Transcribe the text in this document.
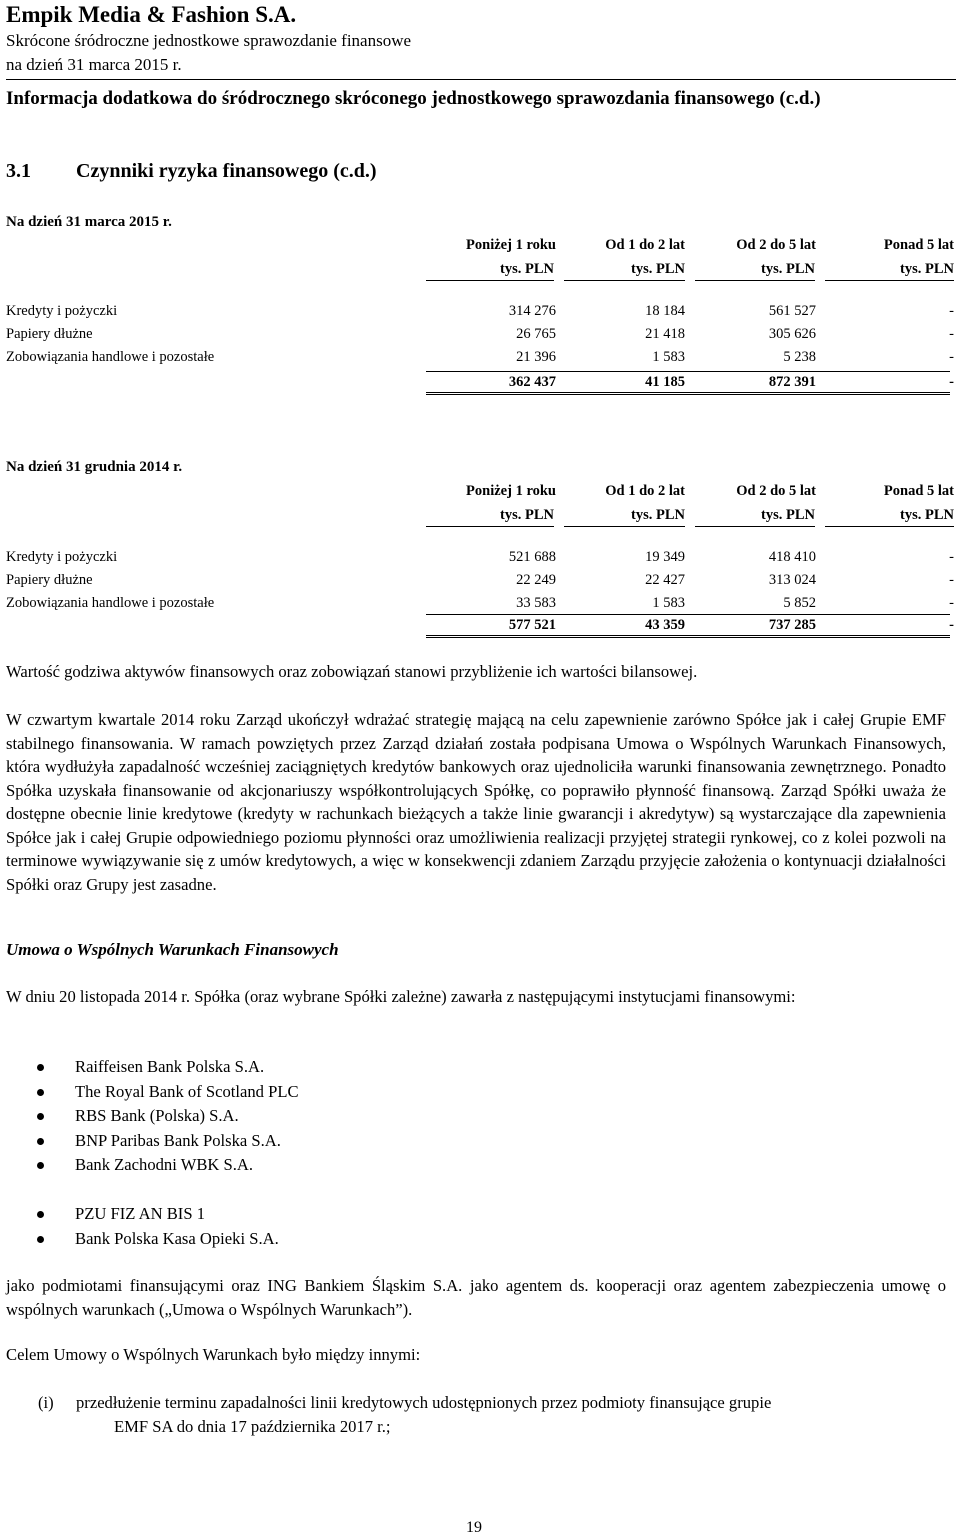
Empik Media & Fashion S.A.
Skrócone śródroczne jednostkowe sprawozdanie finansowe
na dzień 31 marca 2015 r.
Informacja dodatkowa do śródrocznego skróconego jednostkowego sprawozdania finansowego (c.d.)
3.1 Czynniki ryzyka finansowego (c.d.)
Na dzień 31 marca 2015 r.
Poniżej 1 roku	Od 1 do 2 lat	Od 2 do 5 lat	Ponad 5 lat
tys. PLN	tys. PLN	tys. PLN	tys. PLN
Kredyty i pożyczki	314 276	18 184	561 527	-
Papiery dłużne	26 765	21 418	305 626	-
Zobowiązania handlowe i pozostałe	21 396	1 583	5 238	-
362 437	41 185	872 391	-
Na dzień 31 grudnia 2014 r.
Poniżej 1 roku	Od 1 do 2 lat	Od 2 do 5 lat	Ponad 5 lat
tys. PLN	tys. PLN	tys. PLN	tys. PLN
Kredyty i pożyczki	521 688	19 349	418 410	-
Papiery dłużne	22 249	22 427	313 024	-
Zobowiązania handlowe i pozostałe	33 583	1 583	5 852	-
577 521	43 359	737 285	-
Wartość godziwa aktywów finansowych oraz zobowiązań stanowi przybliżenie ich wartości bilansowej.
W czwartym kwartale 2014 roku Zarząd ukończył wdrażać strategię mającą na celu zapewnienie zarówno Spółce jak i całej Grupie EMF stabilnego finansowania. W ramach powziętych przez Zarząd działań została podpisana Umowa o Wspólnych Warunkach Finansowych, która wydłużyła zapadalność wcześniej zaciągniętych kredytów bankowych oraz ujednoliciła warunki finansowania zewnętrznego. Ponadto Spółka uzyskała finansowanie od akcjonariuszy współkontrolujących Spółkę, co poprawiło płynność finansową. Zarząd Spółki uważa że dostępne obecnie linie kredytowe (kredyty w rachunkach bieżących a także linie gwarancji i akredytyw) są wystarczające dla zapewnienia Spółce jak i całej Grupie odpowiedniego poziomu płynności oraz umożliwienia realizacji przyjętej strategii rynkowej, co z kolei pozwoli na terminowe wywiązywanie się z umów kredytowych, a więc w konsekwencji zdaniem Zarządu przyjęcie założenia o kontynuacji działalności Spółki oraz Grupy jest zasadne.
Umowa o Wspólnych Warunkach Finansowych
W dniu 20 listopada 2014 r. Spółka (oraz wybrane Spółki zależne) zawarła z następującymi instytucjami finansowymi:
Raiffeisen Bank Polska S.A.
The Royal Bank of Scotland PLC
RBS Bank (Polska) S.A.
BNP Paribas Bank Polska S.A.
Bank Zachodni WBK S.A.
PZU FIZ AN BIS 1
Bank Polska Kasa Opieki S.A.
jako podmiotami finansującymi oraz ING Bankiem Śląskim S.A. jako agentem ds. kooperacji oraz agentem zabezpieczenia umowę o wspólnych warunkach („Umowa o Wspólnych Warunkach”).
Celem Umowy o Wspólnych Warunkach było między innymi:
(i) przedłużenie terminu zapadalności linii kredytowych udostępnionych przez podmioty finansujące grupie
EMF SA do dnia 17 października 2017 r.;
19
